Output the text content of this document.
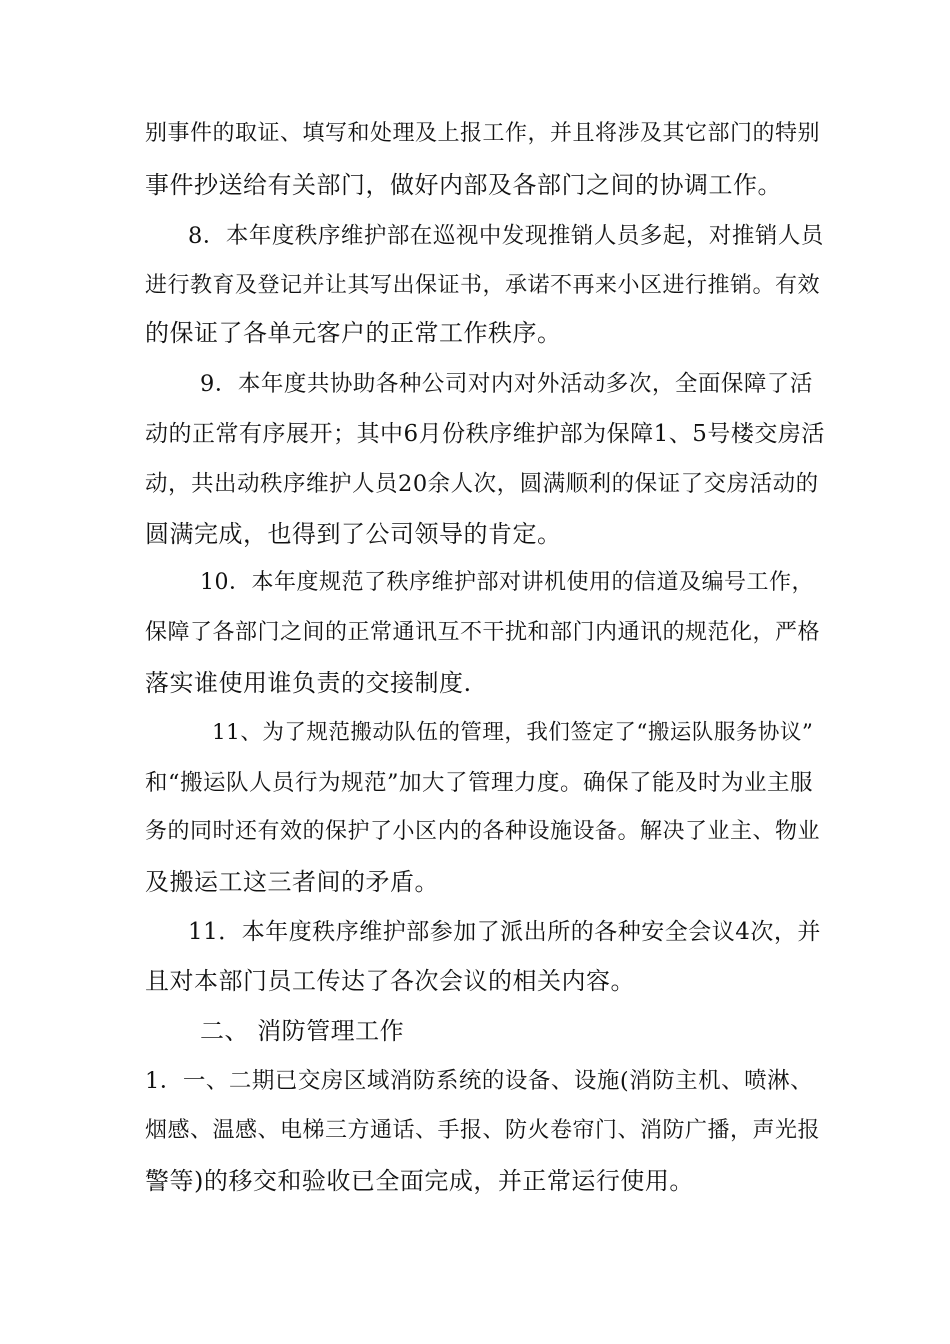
别事件的取证、填写和处理及上报工作，并且将涉及其它部门的特别
事件抄送给有关部门，做好内部及各部门之间的协调工作。
8．本年度秩序维护部在巡视中发现推销人员多起，对推销人员
进行教育及登记并让其写出保证书，承诺不再来小区进行推销。有效
的保证了各单元客户的正常工作秩序。
9．本年度共协助各种公司对内对外活动多次，全面保障了活
动的正常有序展开；其中6月份秩序维护部为保障1、5号楼交房活
动，共出动秩序维护人员20余人次，圆满顺利的保证了交房活动的
圆满完成，也得到了公司领导的肯定。
10．本年度规范了秩序维护部对讲机使用的信道及编号工作，
保障了各部门之间的正常通讯互不干扰和部门内通讯的规范化，严格
落实谁使用谁负责的交接制度.
11、为了规范搬动队伍的管理，我们签定了“搬运队服务协议”
和“搬运队人员行为规范”加大了管理力度。确保了能及时为业主服
务的同时还有效的保护了小区内的各种设施设备。解决了业主、物业
及搬运工这三者间的矛盾。
11．本年度秩序维护部参加了派出所的各种安全会议4次，并
且对本部门员工传达了各次会议的相关内容。
二、 消防管理工作
1．一、二期已交房区域消防系统的设备、设施(消防主机、喷淋、
烟感、温感、电梯三方通话、手报、防火卷帘门、消防广播，声光报
警等)的移交和验收已全面完成，并正常运行使用。
